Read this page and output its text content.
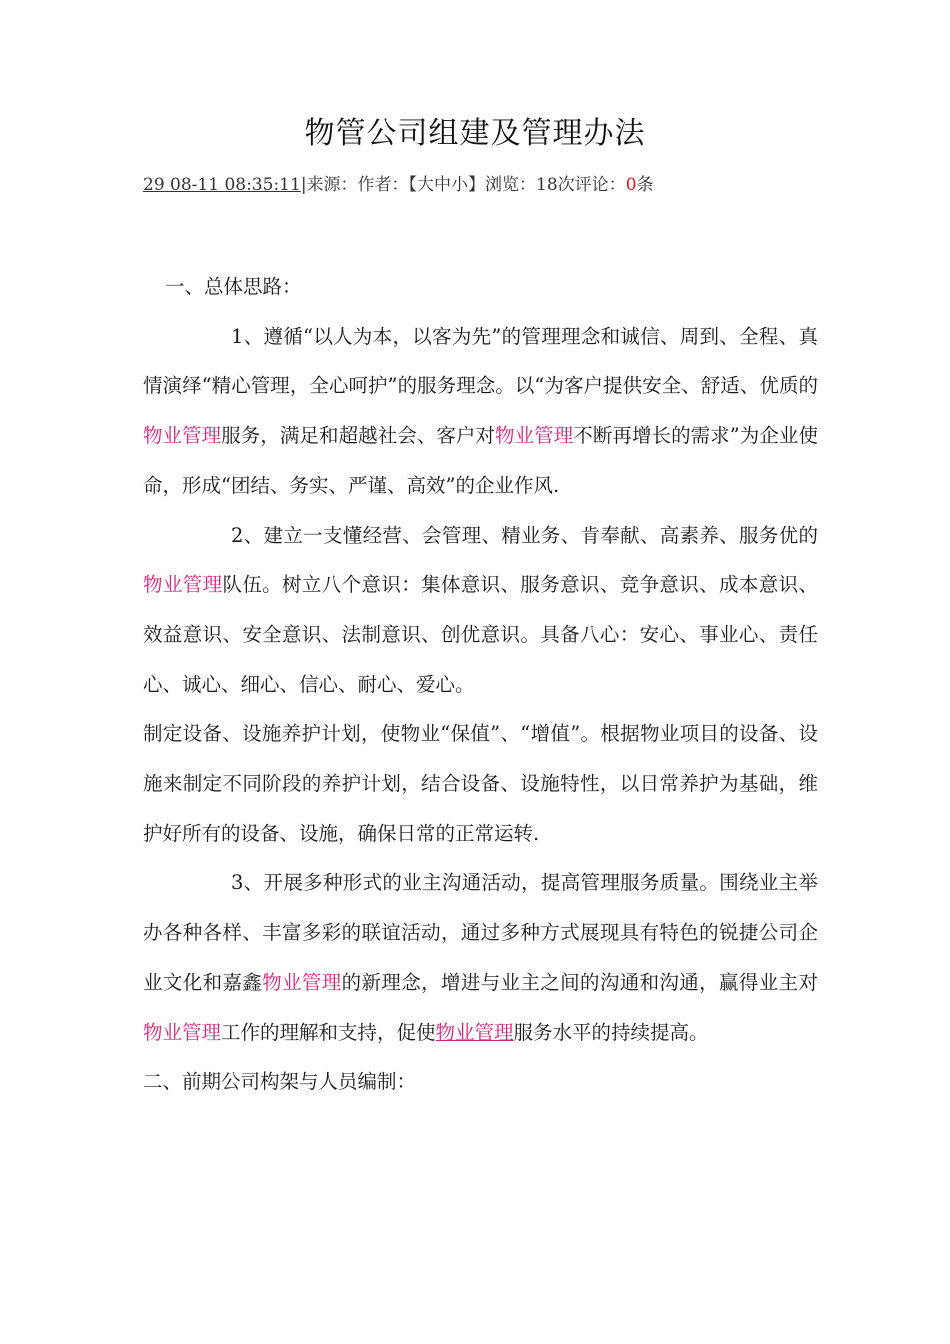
物管公司组建及管理办法
29 08-11 08:35:11|来源：作者：【大中小】浏览：18次评论：0条

一、总体思路：

1、遵循“以人为本，以客为先”的管理理念和诚信、周到、全程、真情演绎“精心管理，全心呵护”的服务理念。以“为客户提供安全、舒适、优质的物业管理服务，满足和超越社会、客户对物业管理不断再增长的需求”为企业使命，形成“团结、务实、严谨、高效”的企业作风.

2、建立一支懂经营、会管理、精业务、肯奉献、高素养、服务优的物业管理队伍。树立八个意识：集体意识、服务意识、竞争意识、成本意识、效益意识、安全意识、法制意识、创优意识。具备八心：安心、事业心、责任心、诚心、细心、信心、耐心、爱心。

制定设备、设施养护计划，使物业“保值”、“增值”。根据物业项目的设备、设施来制定不同阶段的养护计划，结合设备、设施特性，以日常养护为基础，维护好所有的设备、设施，确保日常的正常运转.

3、开展多种形式的业主沟通活动，提高管理服务质量。围绕业主举办各种各样、丰富多彩的联谊活动，通过多种方式展现具有特色的锐捷公司企业文化和嘉鑫物业管理的新理念，增进与业主之间的沟通和沟通，赢得业主对物业管理工作的理解和支持，促使物业管理服务水平的持续提高。

二、前期公司构架与人员编制：
